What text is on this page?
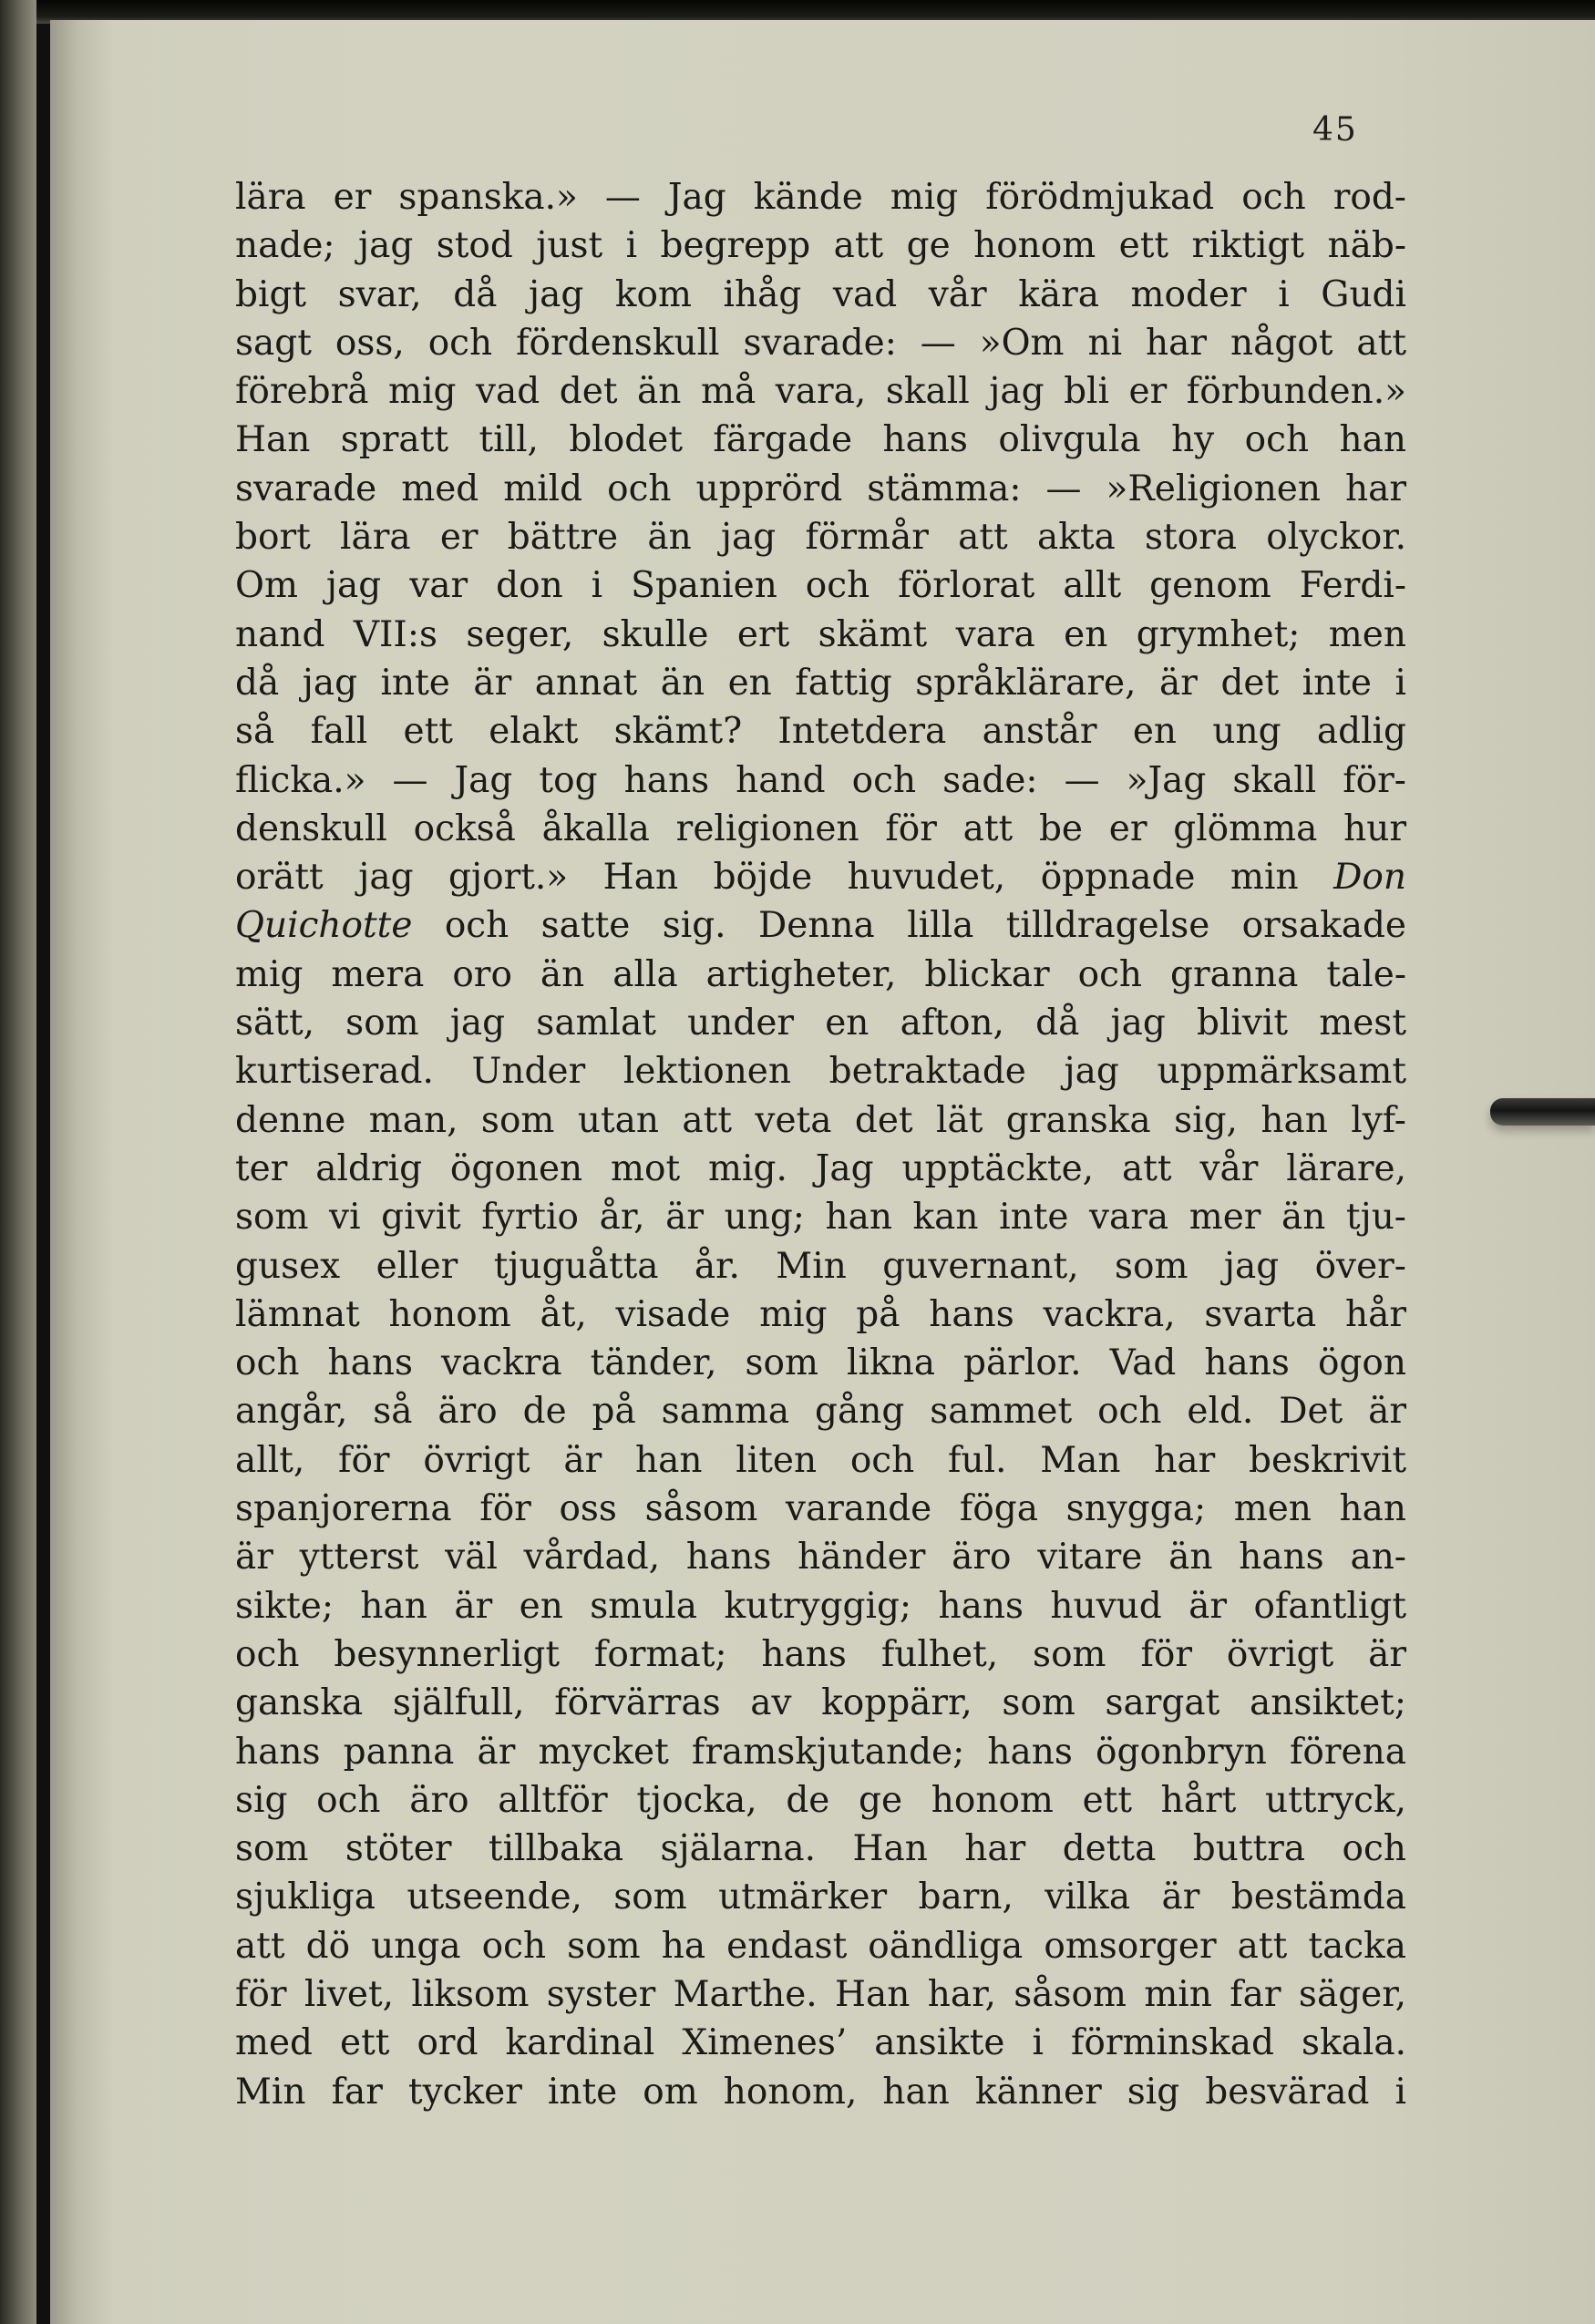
45

lära er spanska.» — Jag kände mig förödmjukad och rod-
nade; jag stod just i begrepp att ge honom ett riktigt näb-
bigt svar, då jag kom ihåg vad vår kära moder i Gudi
sagt oss, och fördenskull svarade: — »Om ni har något att
förebrå mig vad det än må vara, skall jag bli er förbunden.»
Han spratt till, blodet färgade hans olivgula hy och han
svarade med mild och upprörd stämma: — »Religionen har
bort lära er bättre än jag förmår att akta stora olyckor.
Om jag var don i Spanien och förlorat allt genom Ferdi-
nand VII:s seger, skulle ert skämt vara en grymhet; men
då jag inte är annat än en fattig språklärare, är det inte i
så fall ett elakt skämt? Intetdera anstår en ung adlig
flicka.» — Jag tog hans hand och sade: — »Jag skall för-
denskull också åkalla religionen för att be er glömma hur
orätt jag gjort.» Han böjde huvudet, öppnade min Don
Quichotte och satte sig. Denna lilla tilldragelse orsakade
mig mera oro än alla artigheter, blickar och granna tale-
sätt, som jag samlat under en afton, då jag blivit mest
kurtiserad. Under lektionen betraktade jag uppmärksamt
denne man, som utan att veta det lät granska sig, han lyf-
ter aldrig ögonen mot mig. Jag upptäckte, att vår lärare,
som vi givit fyrtio år, är ung; han kan inte vara mer än tju-
gusex eller tjuguåtta år. Min guvernant, som jag över-
lämnat honom åt, visade mig på hans vackra, svarta hår
och hans vackra tänder, som likna pärlor. Vad hans ögon
angår, så äro de på samma gång sammet och eld. Det är
allt, för övrigt är han liten och ful. Man har beskrivit
spanjorerna för oss såsom varande föga snygga; men han
är ytterst väl vårdad, hans händer äro vitare än hans an-
sikte; han är en smula kutryggig; hans huvud är ofantligt
och besynnerligt format; hans fulhet, som för övrigt är
ganska själfull, förvärras av koppärr, som sargat ansiktet;
hans panna är mycket framskjutande; hans ögonbryn förena
sig och äro alltför tjocka, de ge honom ett hårt uttryck,
som stöter tillbaka själarna. Han har detta buttra och
sjukliga utseende, som utmärker barn, vilka är bestämda
att dö unga och som ha endast oändliga omsorger att tacka
för livet, liksom syster Marthe. Han har, såsom min far säger,
med ett ord kardinal Ximenes’ ansikte i förminskad skala.
Min far tycker inte om honom, han känner sig besvärad i
